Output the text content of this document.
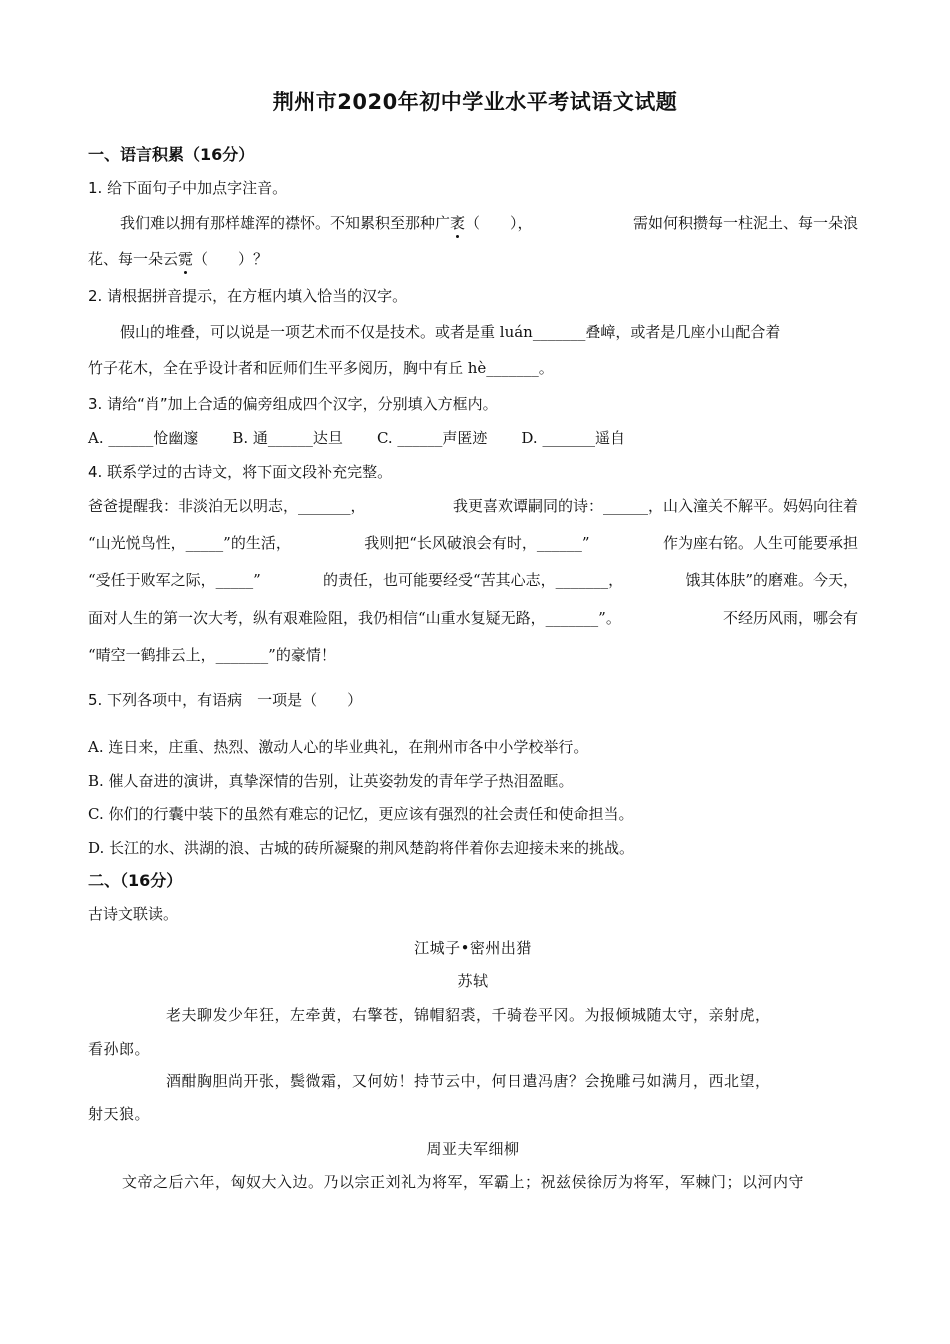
荆州市2020年初中学业水平考试语文试题
一、语言积累（16分）
1. 给下面句子中加点字注音。
我们难以拥有那样雄浑的襟怀。不知累积至那种广袤（　　），	需如何积攒每一柱泥土、每一朵浪
花、每一朵云霓（　　）？
2. 请根据拼音提示，在方框内填入恰当的汉字。
假山的堆叠，可以说是一项艺术而不仅是技术。或者是重 luán_______叠嶂，或者是几座小山配合着
竹子花木，全在乎设计者和匠师们生平多阅历，胸中有丘 hè_______。
3. 请给“肖”加上合适的偏旁组成四个汉字，分别填入方框内。
A. ______怆幽邃 B. 通______达旦 C. ______声匿迹 D. _______遥自
4. 联系学过的古诗文，将下面文段补充完整。
爸爸提醒我：非淡泊无以明志，_______，	我更喜欢谭嗣同的诗：______，山入潼关不解平。妈妈向往着
“山光悦鸟性，_____”的生活，	我则把“长风破浪会有时，______”	作为座右铭。人生可能要承担
“受任于败军之际，_____”	的责任，也可能要经受“苦其心志，_______，	饿其体肤”的磨难。今天，
面对人生的第一次大考，纵有艰难险阻，我仍相信“山重水复疑无路，_______”。	不经历风雨，哪会有
“晴空一鹤排云上，_______”的豪情！
5. 下列各项中，有语病　一项是（　　）
A. 连日来，庄重、热烈、激动人心的毕业典礼，在荆州市各中小学校举行。
B. 催人奋进的演讲，真挚深情的告别，让英姿勃发的青年学子热泪盈眶。
C. 你们的行囊中装下的虽然有难忘的记忆，更应该有强烈的社会责任和使命担当。
D. 长江的水、洪湖的浪、古城的砖所凝聚的荆风楚韵将伴着你去迎接未来的挑战。
二、（16分）
古诗文联读。
江城子•密州出猎
苏轼
老夫聊发少年狂，左牵黄，右擎苍，锦帽貂裘，千骑卷平冈。为报倾城随太守，亲射虎，
看孙郎。
酒酣胸胆尚开张，鬓微霜，又何妨！持节云中，何日遣冯唐？会挽雕弓如满月，西北望，
射天狼。
周亚夫军细柳
文帝之后六年，匈奴大入边。乃以宗正刘礼为将军，军霸上；祝兹侯徐厉为将军，军棘门；以河内守
